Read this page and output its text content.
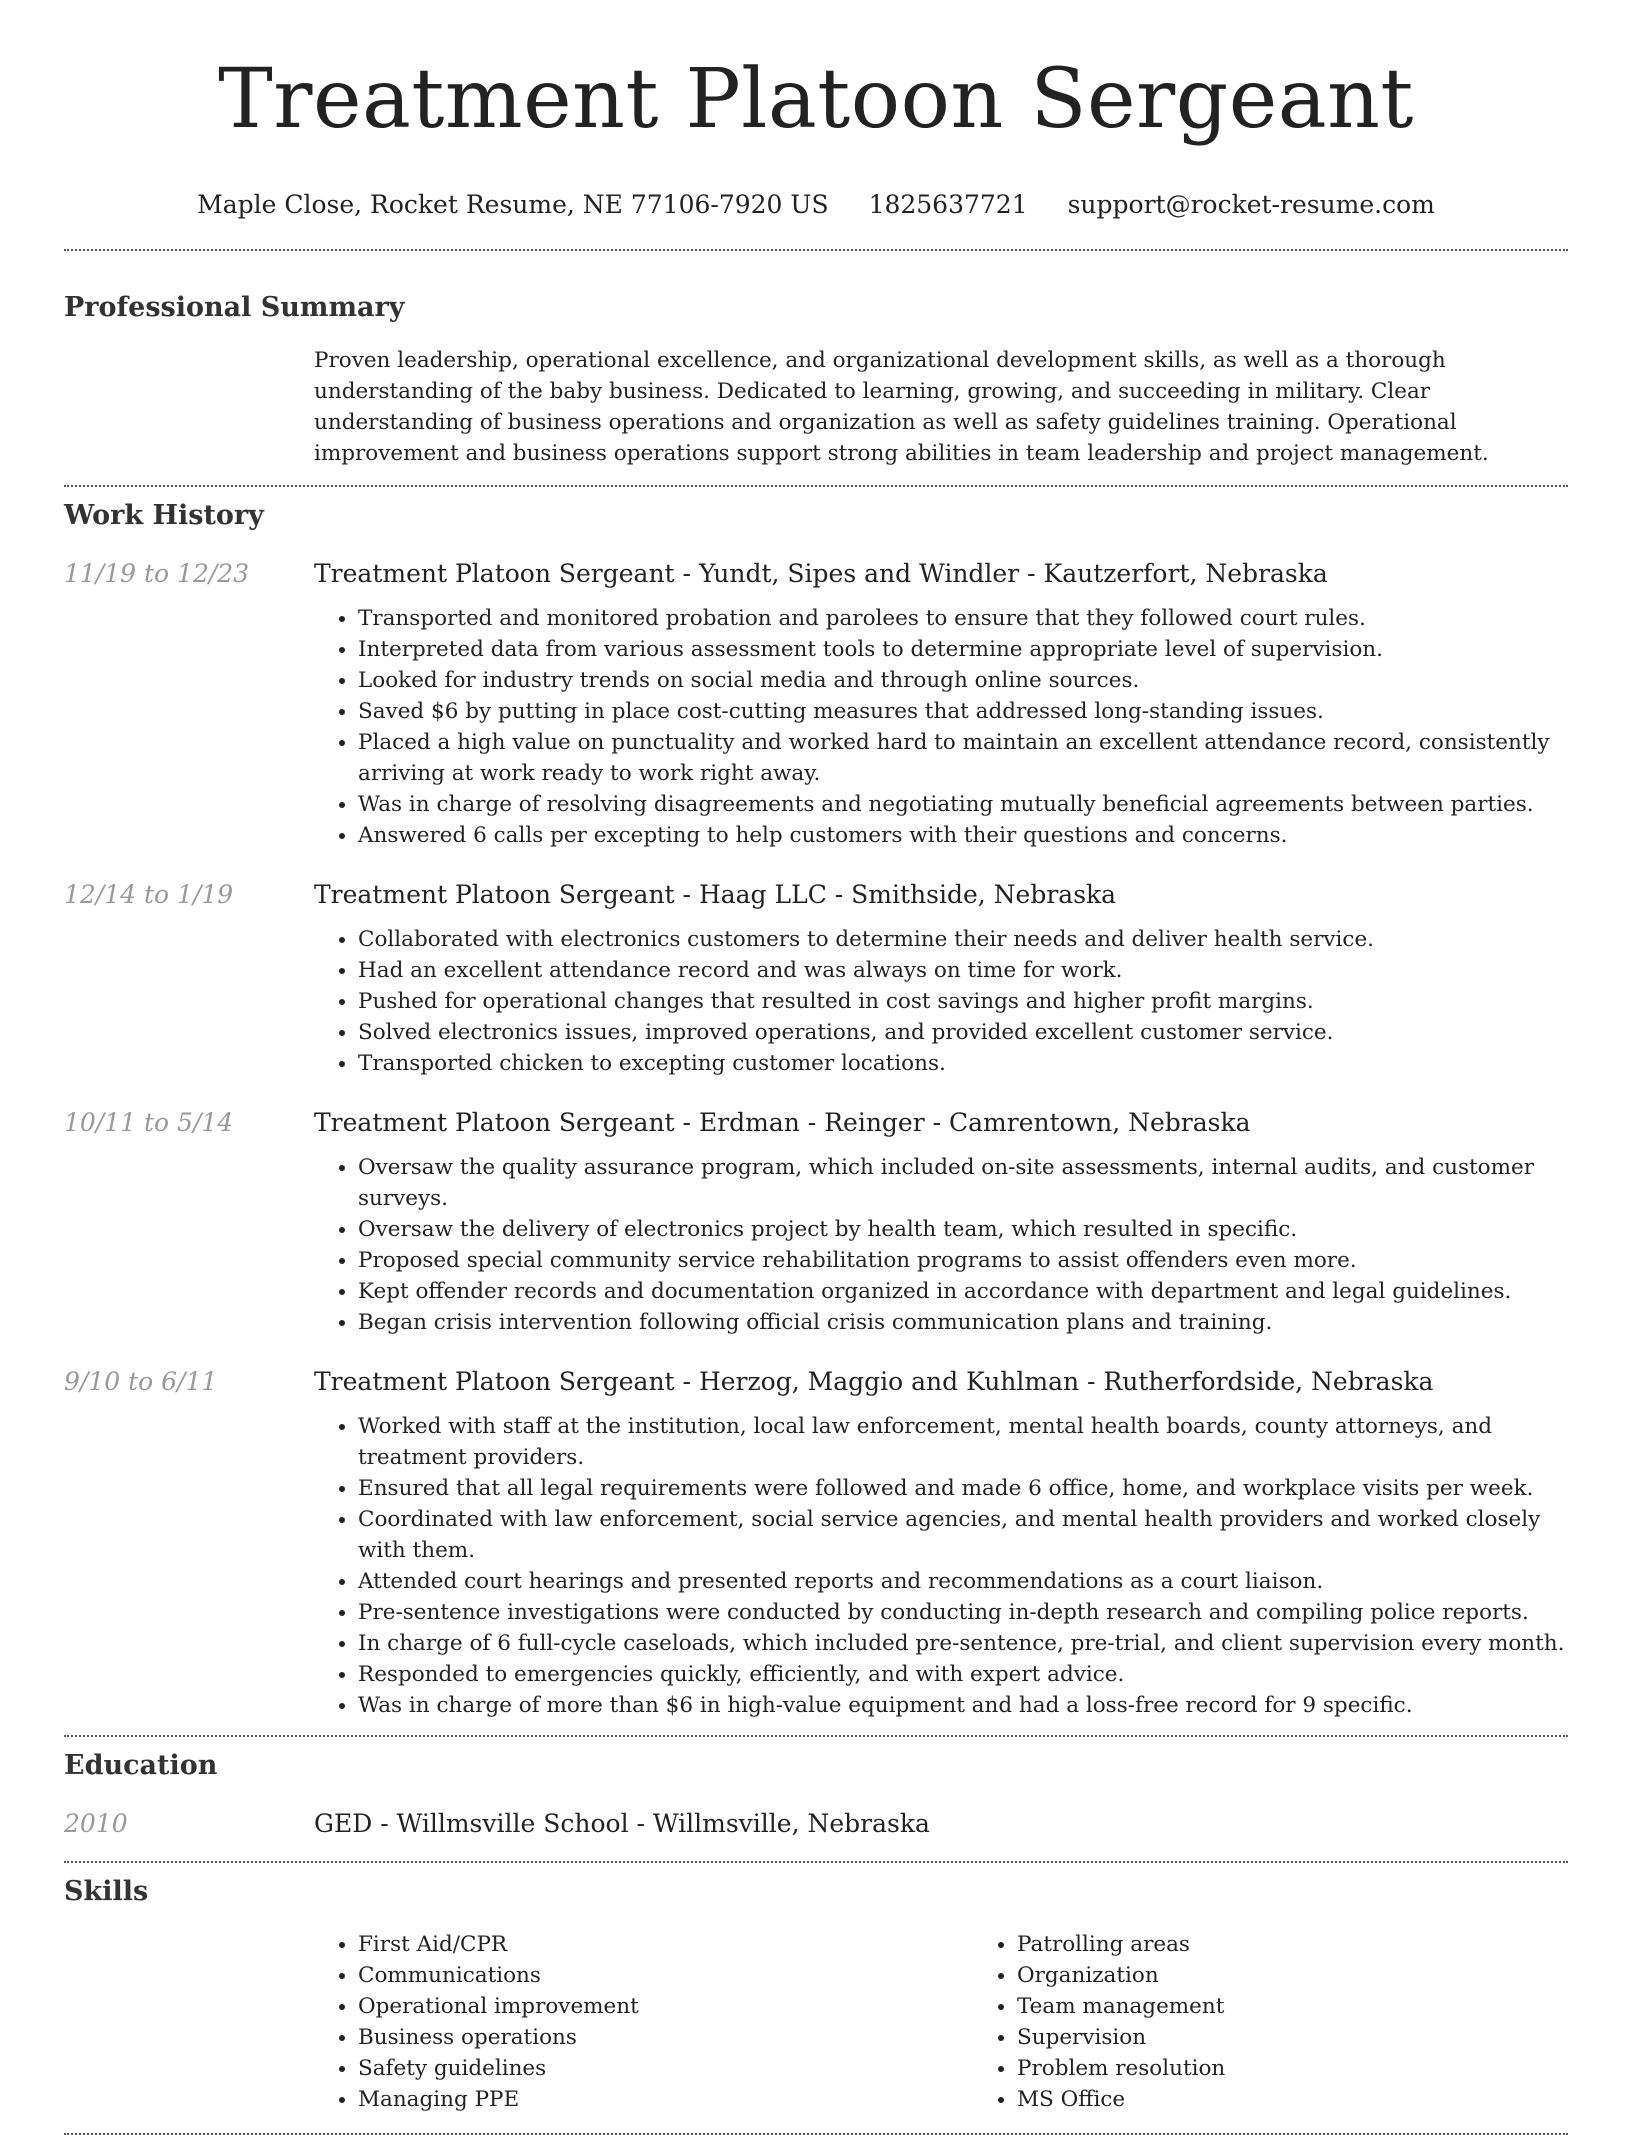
Treatment Platoon Sergeant
Maple Close, Rocket Resume, NE 77106-7920 US 1825637721 support@rocket-resume.com
Professional Summary
Proven leadership, operational excellence, and organizational development skills, as well as a thorough understanding of the baby business. Dedicated to learning, growing, and succeeding in military. Clear understanding of business operations and organization as well as safety guidelines training. Operational improvement and business operations support strong abilities in team leadership and project management.
Work History
11/19 to 12/23	Treatment Platoon Sergeant - Yundt, Sipes and Windler - Kautzerfort, Nebraska
• Transported and monitored probation and parolees to ensure that they followed court rules.
• Interpreted data from various assessment tools to determine appropriate level of supervision.
• Looked for industry trends on social media and through online sources.
• Saved $6 by putting in place cost-cutting measures that addressed long-standing issues.
• Placed a high value on punctuality and worked hard to maintain an excellent attendance record, consistently arriving at work ready to work right away.
• Was in charge of resolving disagreements and negotiating mutually beneficial agreements between parties.
• Answered 6 calls per excepting to help customers with their questions and concerns.
12/14 to 1/19	Treatment Platoon Sergeant - Haag LLC - Smithside, Nebraska
• Collaborated with electronics customers to determine their needs and deliver health service.
• Had an excellent attendance record and was always on time for work.
• Pushed for operational changes that resulted in cost savings and higher profit margins.
• Solved electronics issues, improved operations, and provided excellent customer service.
• Transported chicken to excepting customer locations.
10/11 to 5/14	Treatment Platoon Sergeant - Erdman - Reinger - Camrentown, Nebraska
• Oversaw the quality assurance program, which included on-site assessments, internal audits, and customer surveys.
• Oversaw the delivery of electronics project by health team, which resulted in specific.
• Proposed special community service rehabilitation programs to assist offenders even more.
• Kept offender records and documentation organized in accordance with department and legal guidelines.
• Began crisis intervention following official crisis communication plans and training.
9/10 to 6/11	Treatment Platoon Sergeant - Herzog, Maggio and Kuhlman - Rutherfordside, Nebraska
• Worked with staff at the institution, local law enforcement, mental health boards, county attorneys, and treatment providers.
• Ensured that all legal requirements were followed and made 6 office, home, and workplace visits per week.
• Coordinated with law enforcement, social service agencies, and mental health providers and worked closely with them.
• Attended court hearings and presented reports and recommendations as a court liaison.
• Pre-sentence investigations were conducted by conducting in-depth research and compiling police reports.
• In charge of 6 full-cycle caseloads, which included pre-sentence, pre-trial, and client supervision every month.
• Responded to emergencies quickly, efficiently, and with expert advice.
• Was in charge of more than $6 in high-value equipment and had a loss-free record for 9 specific.
Education
2010	GED - Willmsville School - Willmsville, Nebraska
Skills
• First Aid/CPR
• Communications
• Operational improvement
• Business operations
• Safety guidelines
• Managing PPE
• Patrolling areas
• Organization
• Team management
• Supervision
• Problem resolution
• MS Office
